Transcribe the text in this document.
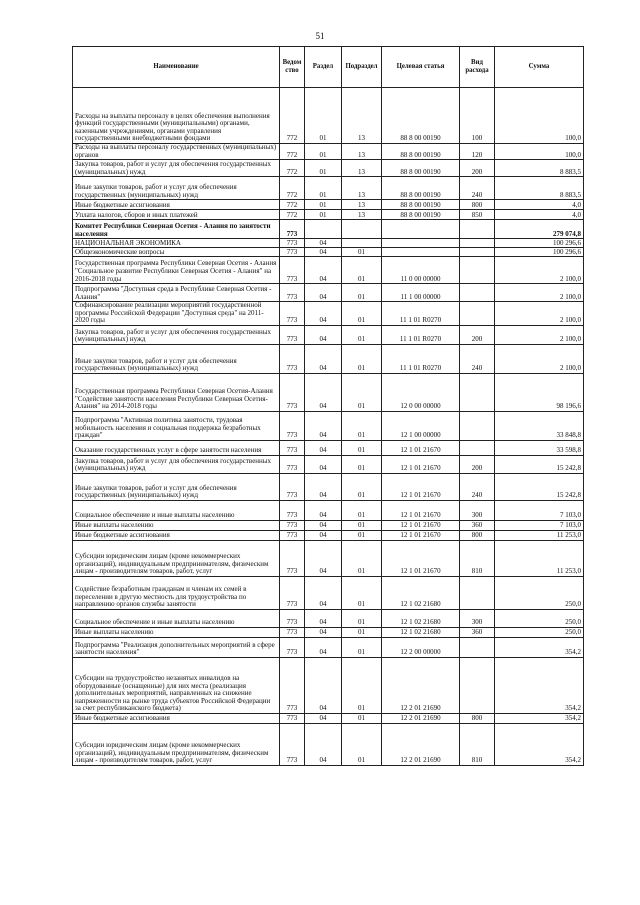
51
Наименование	Ведом ство	Раздел	Подраздел	Целевая статья	Вид расхода	Сумма
Расходы на выплаты персоналу в целях обеспечения выполнения функций государственными (муниципальными) органами, казенными учреждениями, органами управления государственными внебюджетными фондами	772	01	13	88 8 00 00190	100	100,0
Расходы на выплаты персоналу государственных (муниципальных) органов	772	01	13	88 8 00 00190	120	100,0
Закупка товаров, работ и услуг для обеспечения государственных (муниципальных) нужд	772	01	13	88 8 00 00190	200	8 883,5
Иные закупки товаров, работ и услуг для обеспечения государственных (муниципальных) нужд	772	01	13	88 8 00 00190	240	8 883,5
Иные бюджетные ассигнования	772	01	13	88 8 00 00190	800	4,0
Уплата налогов, сборов и иных платежей	772	01	13	88 8 00 00190	850	4,0
Комитет Республики Северная Осетия - Алания по занятости населения	773					279 074,8
НАЦИОНАЛЬНАЯ ЭКОНОМИКА	773	04				100 296,6
Общеэкономические вопросы	773	04	01			100 296,6
Государственная программа Республики Северная Осетия - Алания "Социальное развитие Республики Северная Осетия - Алания" на 2016-2018 годы	773	04	01	11 0 00 00000		2 100,0
Подпрограмма "Доступная среда в Республике Северная Осетия - Алания"	773	04	01	11 1 00 00000		2 100,0
Софинансирование реализации мероприятий государственной программы Российской Федерации "Доступная среда" на 2011-2020 годы	773	04	01	11 1 01 R0270		2 100,0
Закупка товаров, работ и услуг для обеспечения государственных (муниципальных) нужд	773	04	01	11 1 01 R0270	200	2 100,0
Иные закупки товаров, работ и услуг для обеспечения государственных (муниципальных) нужд	773	04	01	11 1 01 R0270	240	2 100,0
Государственная программа Республики Северная Осетия-Алания "Содействие занятости населения Республики Северная Осетия-Алания" на 2014-2018 годы	773	04	01	12 0 00 00000		98 196,6
Подпрограмма "Активная политика занятости, трудовая мобильность населения и социальная поддержка безработных граждан"	773	04	01	12 1 00 00000		33 848,8
Оказание государственных услуг в сфере занятости населения	773	04	01	12 1 01 21670		33 598,8
Закупка товаров, работ и услуг для обеспечения государственных (муниципальных) нужд	773	04	01	12 1 01 21670	200	15 242,8
Иные закупки товаров, работ и услуг для обеспечения государственных (муниципальных) нужд	773	04	01	12 1 01 21670	240	15 242,8
Социальное обеспечение и иные выплаты населению	773	04	01	12 1 01 21670	300	7 103,0
Иные выплаты населению	773	04	01	12 1 01 21670	360	7 103,0
Иные бюджетные ассигнования	773	04	01	12 1 01 21670	800	11 253,0
Субсидии юридическим лицам (кроме некоммерческих организаций), индивидуальным предпринимателям, физическим лицам - производителям товаров, работ, услуг	773	04	01	12 1 01 21670	810	11 253,0
Содействие безработным гражданам и членам их семей в переселении в другую местность для трудоустройства по направлению органов службы занятости	773	04	01	12 1 02 21680		250,0
Социальное обеспечение и иные выплаты населению	773	04	01	12 1 02 21680	300	250,0
Иные выплаты населению	773	04	01	12 1 02 21680	360	250,0
Подпрограмма "Реализация дополнительных мероприятий в сфере занятости населения"	773	04	01	12 2 00 00000		354,2
Субсидии на трудоустройство незанятых инвалидов на оборудованные (оснащенные) для них места (реализация дополнительных мероприятий, направленных на снижение напряженности на рынке труда субъектов Российской Федерации за счет республиканского бюджета)	773	04	01	12 2 01 21690		354,2
Иные бюджетные ассигнования	773	04	01	12 2 01 21690	800	354,2
Субсидии юридическим лицам (кроме некоммерческих организаций), индивидуальным предпринимателям, физическим лицам - производителям товаров, работ, услуг	773	04	01	12 2 01 21690	810	354,2
